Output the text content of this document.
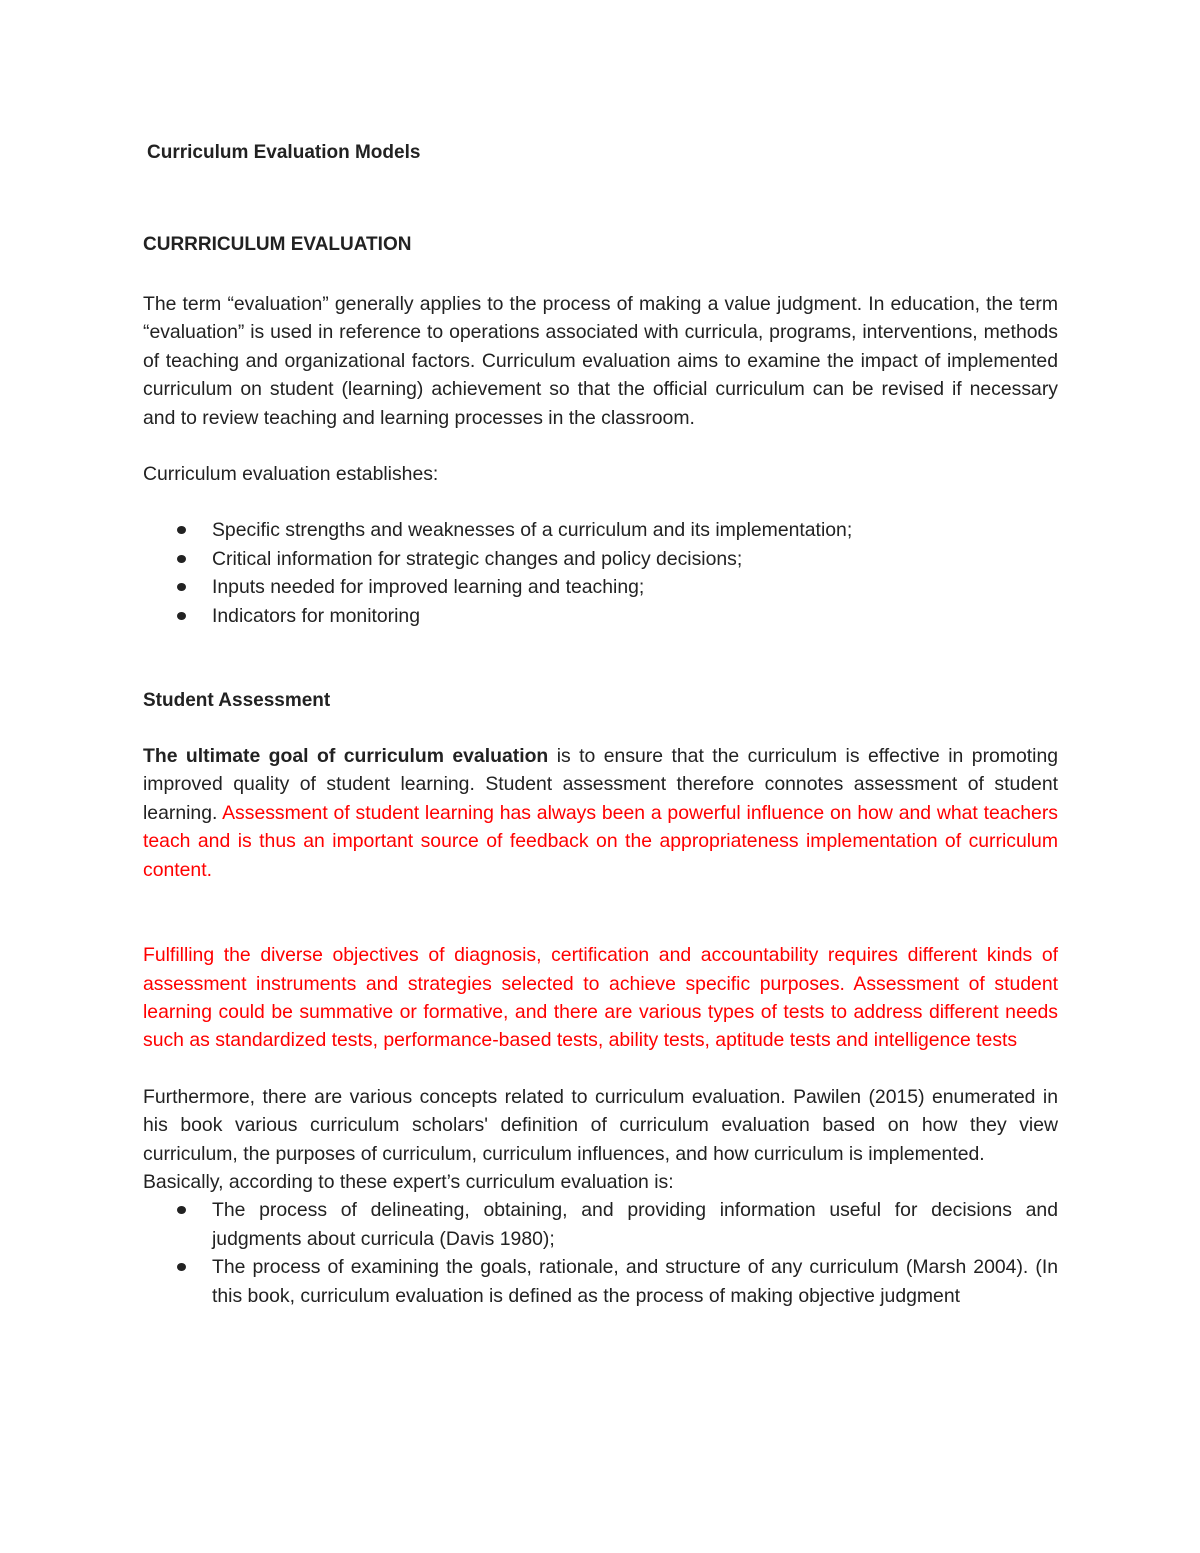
Curriculum Evaluation Models
CURRRICULUM EVALUATION

The term “evaluation” generally applies to the process of making a value judgment. In education, the term “evaluation” is used in reference to operations associated with curricula, programs, interventions, methods of teaching and organizational factors. Curriculum evaluation aims to examine the impact of implemented curriculum on student (learning) achievement so that the official curriculum can be revised if necessary and to review teaching and learning processes in the classroom.

Curriculum evaluation establishes:

Specific strengths and weaknesses of a curriculum and its implementation;
Critical information for strategic changes and policy decisions;
Inputs needed for improved learning and teaching;
Indicators for monitoring
Student Assessment

The ultimate goal of curriculum evaluation is to ensure that the curriculum is effective in promoting improved quality of student learning. Student assessment therefore connotes assessment of student learning. Assessment of student learning has always been a powerful influence on how and what teachers teach and is thus an important source of feedback on the appropriateness implementation of curriculum content.

Fulfilling the diverse objectives of diagnosis, certification and accountability requires different kinds of assessment instruments and strategies selected to achieve specific purposes. Assessment of student learning could be summative or formative, and there are various types of tests to address different needs such as standardized tests, performance-based tests, ability tests, aptitude tests and intelligence tests

Furthermore, there are various concepts related to curriculum evaluation. Pawilen (2015) enumerated in his book various curriculum scholars' definition of curriculum evaluation based on how they view curriculum, the purposes of curriculum, curriculum influences, and how curriculum is implemented.

Basically, according to these expert’s curriculum evaluation is:

The process of delineating, obtaining, and providing information useful for decisions and judgments about curricula (Davis 1980);
The process of examining the goals, rationale, and structure of any curriculum (Marsh 2004). (In this book, curriculum evaluation is defined as the process of making objective judgment
